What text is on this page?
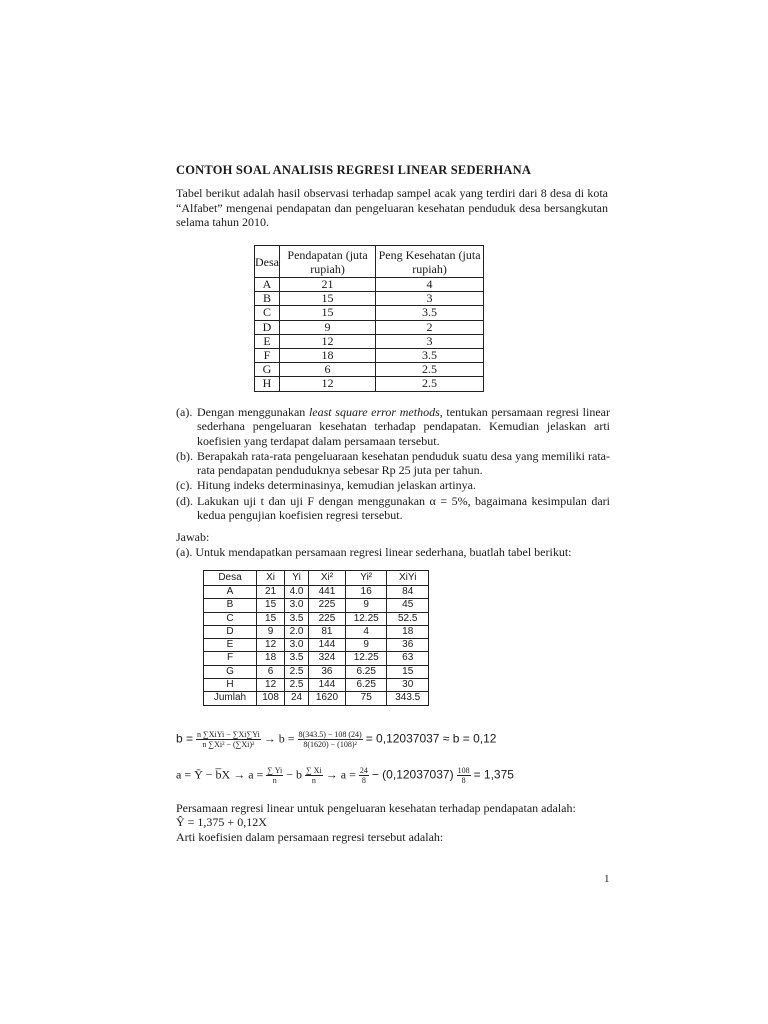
CONTOH SOAL ANALISIS REGRESI LINEAR SEDERHANA

Tabel berikut adalah hasil observasi terhadap sampel acak yang terdiri dari 8 desa di kota “Alfabet” mengenai pendapatan dan pengeluaran kesehatan penduduk desa bersangkutan selama tahun 2010.

Desa	Pendapatan (juta rupiah)	Peng Kesehatan (juta rupiah)
A	21	4
B	15	3
C	15	3.5
D	9	2
E	12	3
F	18	3.5
G	6	2.5
H	12	2.5
(a). Dengan menggunakan least square error methods, tentukan persamaan regresi linear sederhana pengeluaran kesehatan terhadap pendapatan. Kemudian jelaskan arti koefisien yang terdapat dalam persamaan tersebut.
(b). Berapakah rata-rata pengeluaraan kesehatan penduduk suatu desa yang memiliki rata-rata pendapatan penduduknya sebesar Rp 25 juta per tahun.
(c). Hitung indeks determinasinya, kemudian jelaskan artinya.
(d). Lakukan uji t dan uji F dengan menggunakan α = 5%, bagaimana kesimpulan dari kedua pengujian koefisien regresi tersebut.
Jawab:
(a). Untuk mendapatkan persamaan regresi linear sederhana, buatlah tabel berikut:
Desa	Xi	Yi	Xi²	Yi²	XiYi
A	21	4.0	441	16	84
B	15	3.0	225	9	45
C	15	3.5	225	12.25	52.5
D	9	2.0	81	4	18
E	12	3.0	144	9	36
F	18	3.5	324	12.25	63
G	6	2.5	36	6.25	15
H	12	2.5	144	6.25	30
Jumlah	108	24	1620	75	343.5
$b = \frac{\text{n ∑XiYi − ∑Xi∑Yi}}{\text{n ∑Xi² − (∑Xi)²}} \to b = \frac{8(343.5) - 108 (24)}{\text{8(1620) − (108)²}} = 0,12037037 \approx b = 0,12$
a = Ȳ − b̅X → $a = \frac{\sum Yi}{n} - b \frac{\sum Xi}{n} \to a = \frac{24}{8} - (0,12037037) \frac{108}{8} = 1,375$
Persamaan regresi linear untuk pengeluaran kesehatan terhadap pendapatan adalah:
Ŷ = 1,375 + 0,12X
Arti koefisien dalam persamaan regresi tersebut adalah:
1
